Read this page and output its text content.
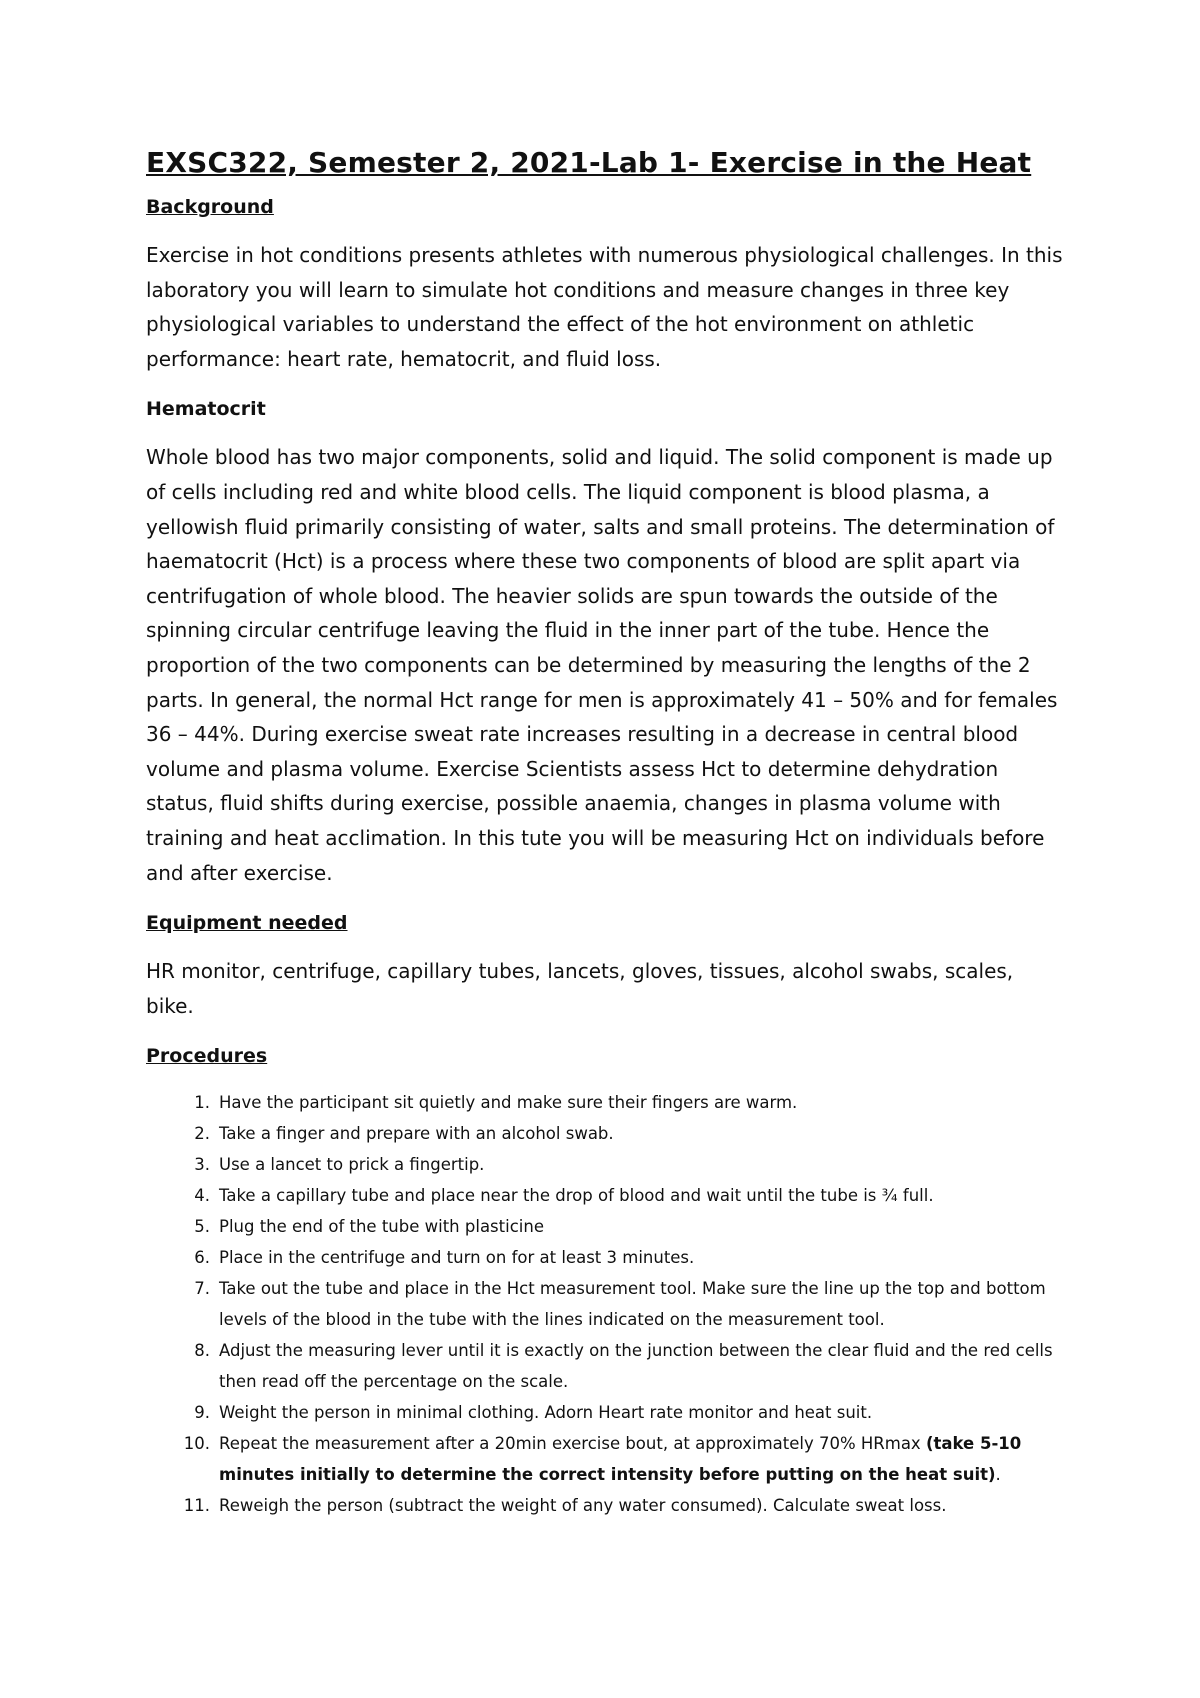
EXSC322, Semester 2, 2021-Lab 1- Exercise in the Heat
Background

Exercise in hot conditions presents athletes with numerous physiological challenges. In this laboratory you will learn to simulate hot conditions and measure changes in three key physiological variables to understand the effect of the hot environment on athletic performance: heart rate, hematocrit, and fluid loss.

Hematocrit

Whole blood has two major components, solid and liquid. The solid component is made up of cells including red and white blood cells. The liquid component is blood plasma, a yellowish fluid primarily consisting of water, salts and small proteins. The determination of haematocrit (Hct) is a process where these two components of blood are split apart via centrifugation of whole blood. The heavier solids are spun towards the outside of the spinning circular centrifuge leaving the fluid in the inner part of the tube. Hence the proportion of the two components can be determined by measuring the lengths of the 2 parts. In general, the normal Hct range for men is approximately 41 – 50% and for females 36 – 44%. During exercise sweat rate increases resulting in a decrease in central blood volume and plasma volume. Exercise Scientists assess Hct to determine dehydration status, fluid shifts during exercise, possible anaemia, changes in plasma volume with training and heat acclimation. In this tute you will be measuring Hct on individuals before and after exercise.

Equipment needed

HR monitor, centrifuge, capillary tubes, lancets, gloves, tissues, alcohol swabs, scales, bike.

Procedures
1. Have the participant sit quietly and make sure their fingers are warm.
2. Take a finger and prepare with an alcohol swab.
3. Use a lancet to prick a fingertip.
4. Take a capillary tube and place near the drop of blood and wait until the tube is ¾ full.
5. Plug the end of the tube with plasticine
6. Place in the centrifuge and turn on for at least 3 minutes.
7. Take out the tube and place in the Hct measurement tool. Make sure the line up the top and bottom levels of the blood in the tube with the lines indicated on the measurement tool.
8. Adjust the measuring lever until it is exactly on the junction between the clear fluid and the red cells then read off the percentage on the scale.
9. Weight the person in minimal clothing. Adorn Heart rate monitor and heat suit.
10. Repeat the measurement after a 20min exercise bout, at approximately 70% HRmax (take 5-10 minutes initially to determine the correct intensity before putting on the heat suit).
11. Reweigh the person (subtract the weight of any water consumed). Calculate sweat loss.
